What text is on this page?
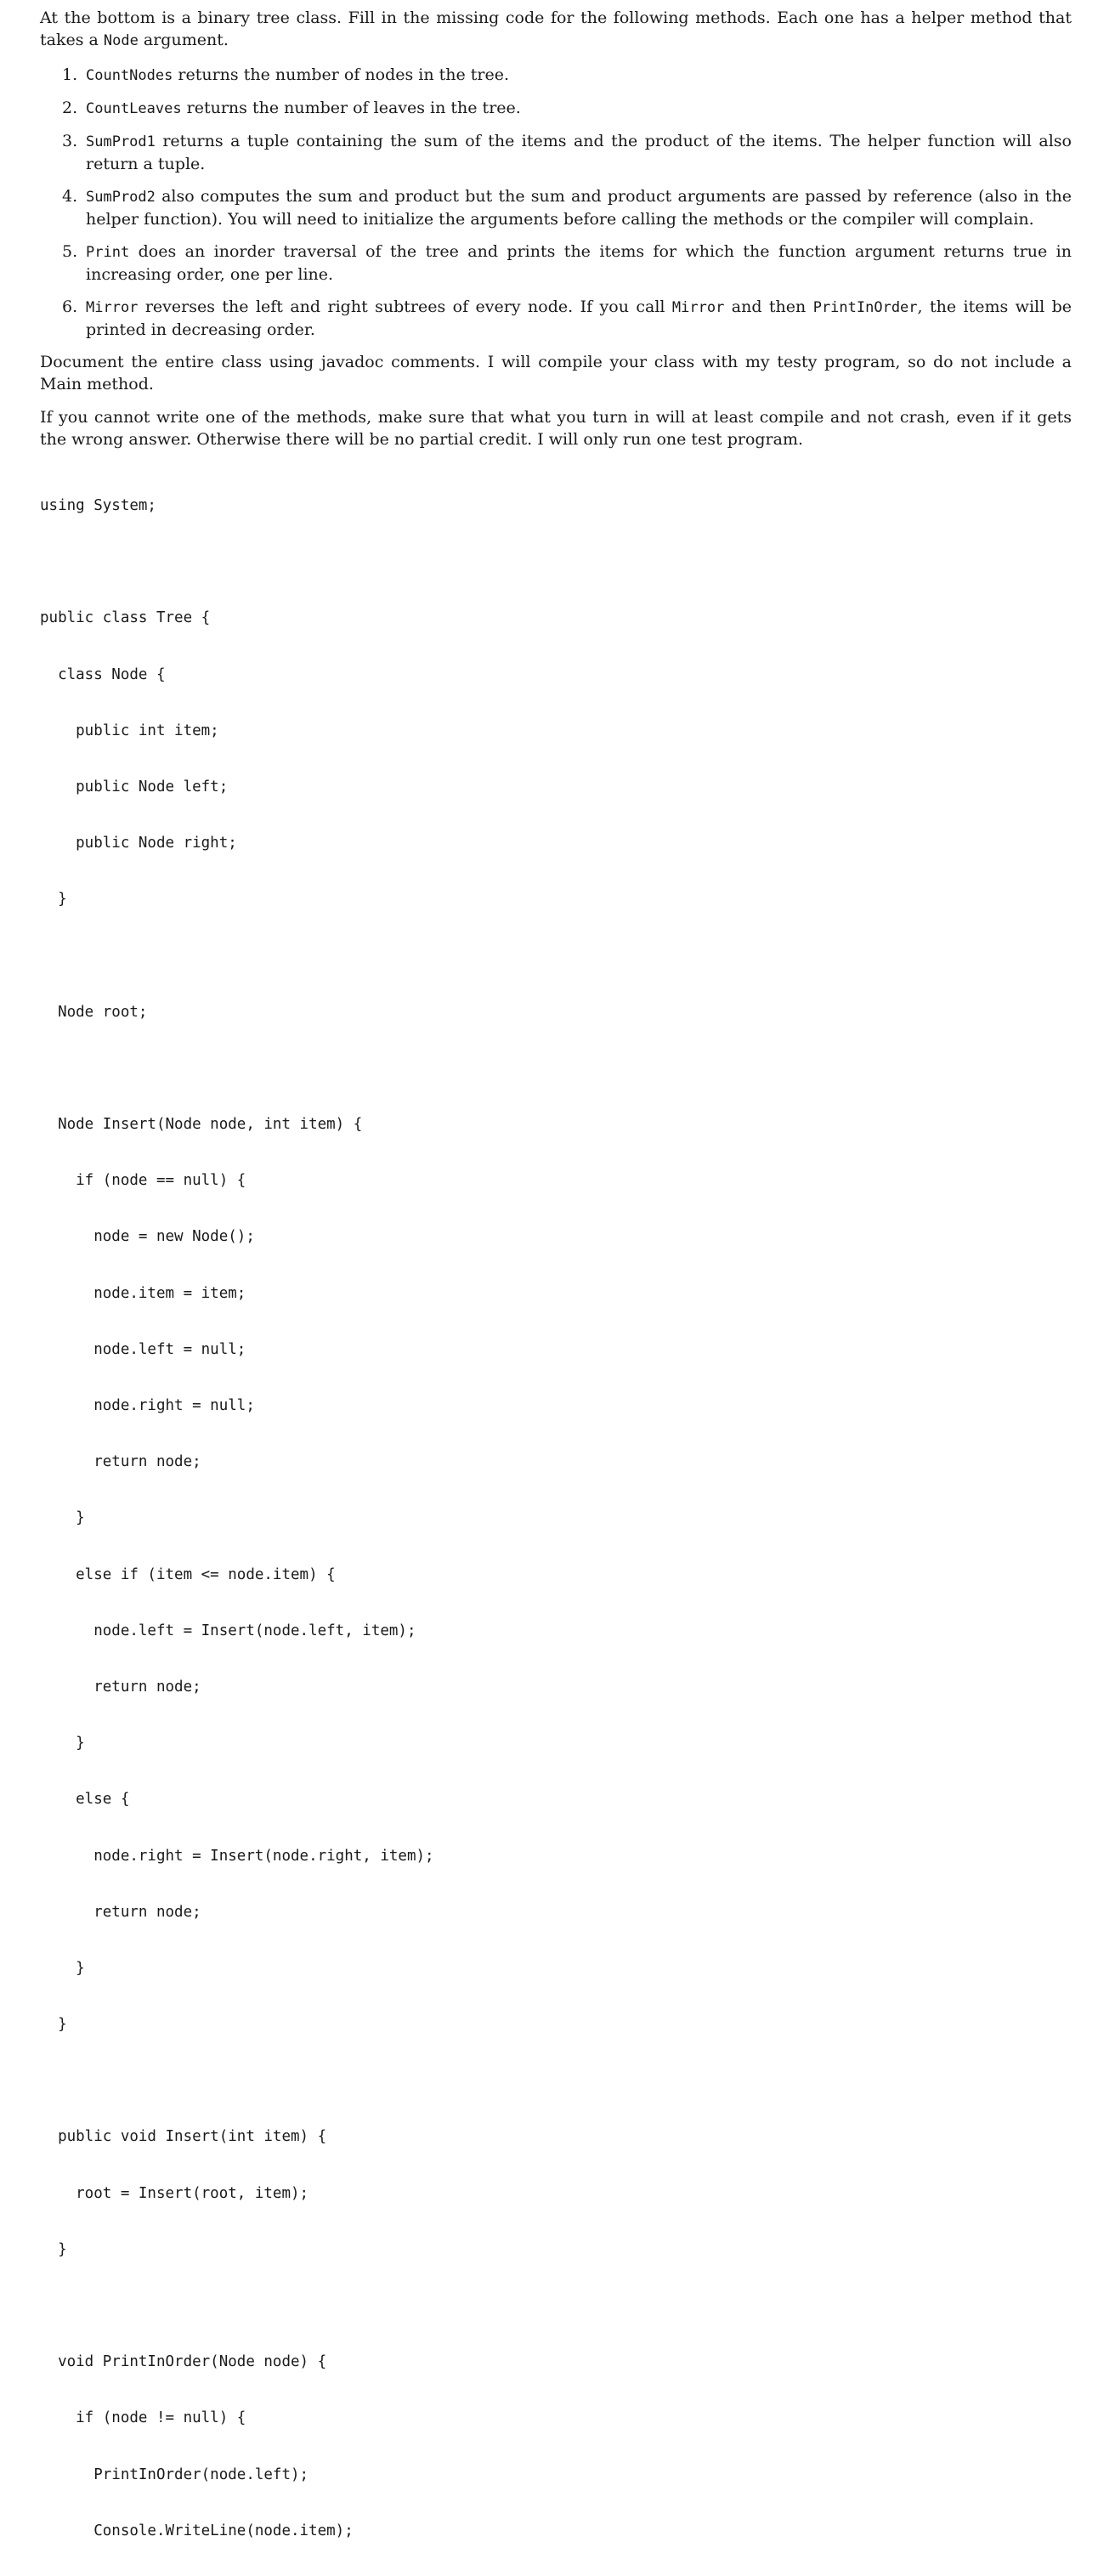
At the bottom is a binary tree class. Fill in the missing code for the following methods. Each one has a helper method that takes a Node argument.

1. CountNodes returns the number of nodes in the tree.
2. CountLeaves returns the number of leaves in the tree.
3. SumProd1 returns a tuple containing the sum of the items and the product of the items. The helper function will also return a tuple.
4. SumProd2 also computes the sum and product but the sum and product arguments are passed by reference (also in the helper function). You will need to initialize the arguments before calling the methods or the compiler will complain.
5. Print does an inorder traversal of the tree and prints the items for which the function argument returns true in increasing order, one per line.
6. Mirror reverses the left and right subtrees of every node. If you call Mirror and then PrintInOrder, the items will be printed in decreasing order.

Document the entire class using javadoc comments. I will compile your class with my testy program, so do not include a Main method.

If you cannot write one of the methods, make sure that what you turn in will at least compile and not crash, even if it gets the wrong answer. Otherwise there will be no partial credit. I will only run one test program.

using System;

public class Tree {

class Node {

public int item;

public Node left;

public Node right;

}

Node root;

Node Insert(Node node, int item) {

if (node == null) {

node = new Node();

node.item = item;

node.left = null;

node.right = null;

return node;

}

else if (item <= node.item) {

node.left = Insert(node.left, item);

return node;

}

else {

node.right = Insert(node.right, item);

return node;

}

}

public void Insert(int item) {

root = Insert(root, item);

}

void PrintInOrder(Node node) {

if (node != null) {

PrintInOrder(node.left);

Console.WriteLine(node.item);
